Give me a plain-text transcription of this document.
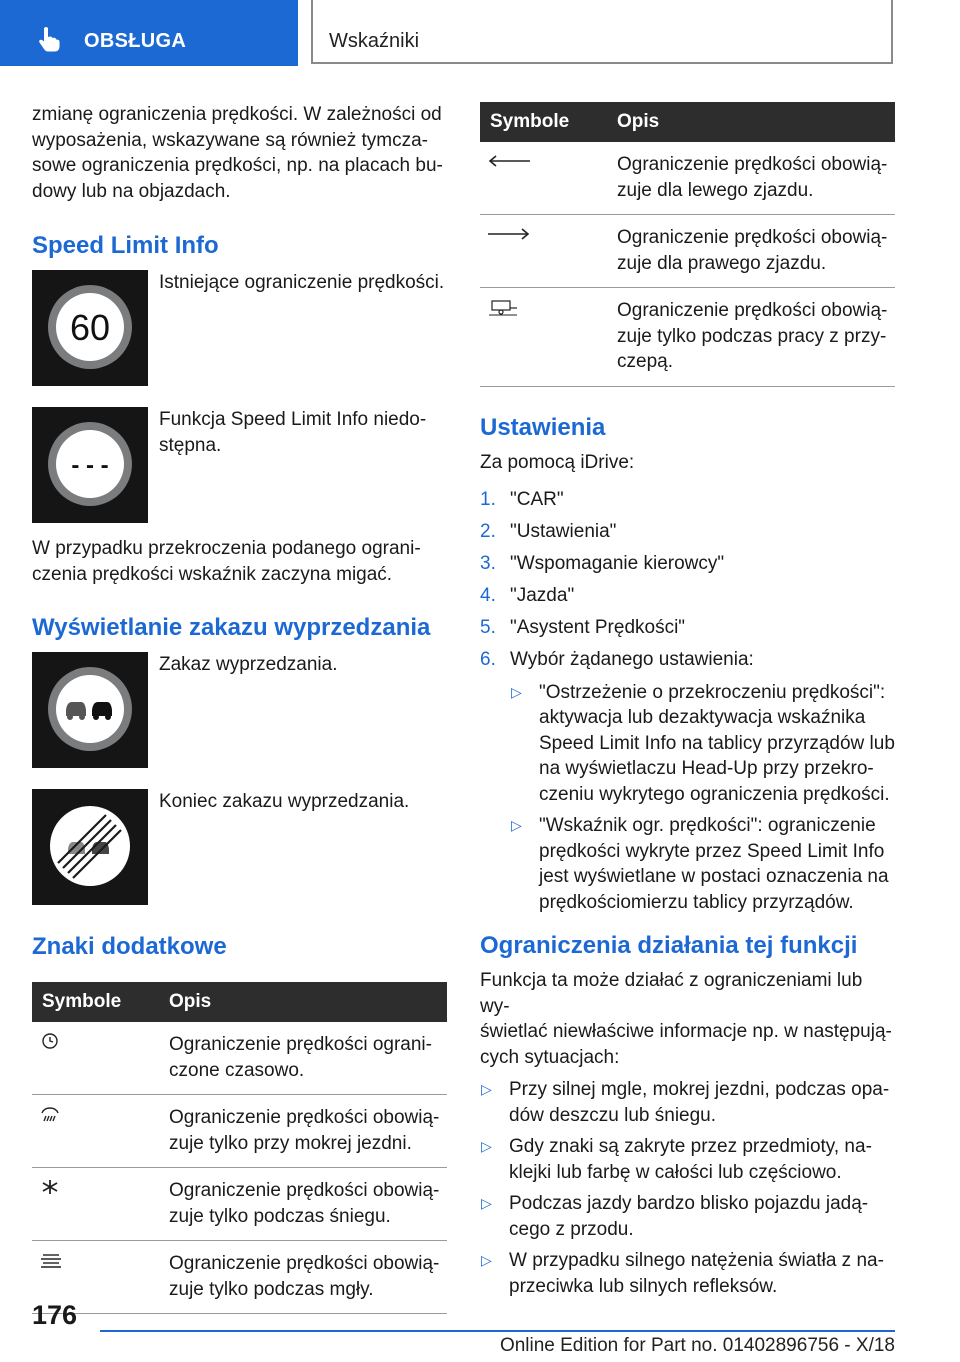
OBSŁUGA	Wskaźniki

zmianę ograniczenia prędkości. W zależności od
wyposażenia, wskazywane są również tymcza-
sowe ograniczenia prędkości, np. na placach bu-
dowy lub na objazdach.

Speed Limit Info
60
Istniejące ograniczenie prędkości.
- - -
Funkcja Speed Limit Info niedo-
stępna.

W przypadku przekroczenia podanego ograni-
czenia prędkości wskaźnik zaczyna migać.

Wyświetlanie zakazu wyprzedzania
Zakaz wyprzedzania.
Koniec zakazu wyprzedzania.
Znaki dodatkowe
Symbole	Opis

	Ograniczenie prędkości ograni-
czone czasowo.

	Ograniczenie prędkości obowią-
zuje tylko przy mokrej jezdni.

	Ograniczenie prędkości obowią-
zuje tylko podczas śniegu.

	Ograniczenie prędkości obowią-
zuje tylko podczas mgły.
Symbole	Opis

	Ograniczenie prędkości obowią-
zuje dla lewego zjazdu.

	Ograniczenie prędkości obowią-
zuje dla prawego zjazdu.

	Ograniczenie prędkości obowią-
zuje tylko podczas pracy z przy-
czepą.
Ustawienia

Za pomocą iDrive:

1. "CAR"
2. "Ustawienia"
3. "Wspomaganie kierowcy"
4. "Jazda"
5. "Asystent Prędkości"
6. Wybór żądanego ustawienia:
▷ "Ostrzeżenie o przekroczeniu prędkości":
aktywacja lub dezaktywacja wskaźnika
Speed Limit Info na tablicy przyrządów lub
na wyświetlaczu Head-Up przy przekro-
czeniu wykrytego ograniczenia prędkości.
▷ "Wskaźnik ogr. prędkości": ograniczenie
prędkości wykryte przez Speed Limit Info
jest wyświetlane w postaci oznaczenia na
prędkościomierzu tablicy przyrządów.
Ograniczenia działania tej funkcji

Funkcja ta może działać z ograniczeniami lub wy-
świetlać niewłaściwe informacje np. w następują-
cych sytuacjach:

▷ Przy silnej mgle, mokrej jezdni, podczas opa-
dów deszczu lub śniegu.
▷ Gdy znaki są zakryte przez przedmioty, na-
klejki lub farbę w całości lub częściowo.
▷ Podczas jazdy bardzo blisko pojazdu jadą-
cego z przodu.
▷ W przypadku silnego natężenia światła z na-
przeciwka lub silnych refleksów.
176
Online Edition for Part no. 01402896756 - X/18
